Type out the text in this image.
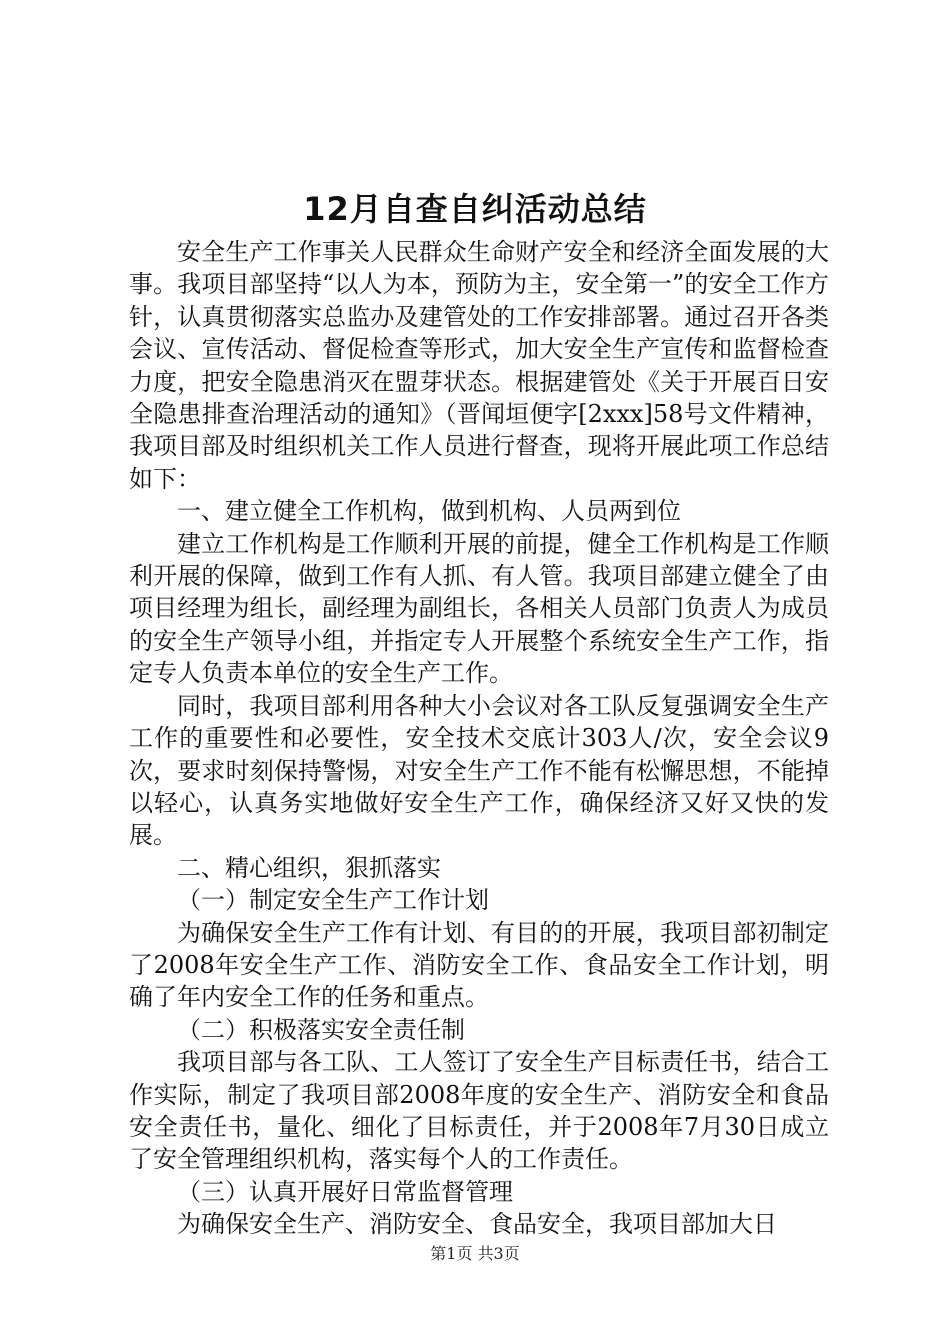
12月自查自纠活动总结

安全生产工作事关人民群众生命财产安全和经济全面发展的大事。我项目部坚持“以人为本，预防为主，安全第一”的安全工作方针，认真贯彻落实总监办及建管处的工作安排部署。通过召开各类会议、宣传活动、督促检查等形式，加大安全生产宣传和监督检查力度，把安全隐患消灭在盟芽状态。根据建管处《关于开展百日安全隐患排查治理活动的通知》（晋闻垣便字[2xxx]58号文件精神，我项目部及时组织机关工作人员进行督查，现将开展此项工作总结如下：

一、建立健全工作机构，做到机构、人员两到位

建立工作机构是工作顺利开展的前提，健全工作机构是工作顺利开展的保障，做到工作有人抓、有人管。我项目部建立健全了由项目经理为组长，副经理为副组长，各相关人员部门负责人为成员的安全生产领导小组，并指定专人开展整个系统安全生产工作，指定专人负责本单位的安全生产工作。

同时，我项目部利用各种大小会议对各工队反复强调安全生产工作的重要性和必要性，安全技术交底计303人/次，安全会议9次，要求时刻保持警惕，对安全生产工作不能有松懈思想，不能掉以轻心，认真务实地做好安全生产工作，确保经济又好又快的发展。

二、精心组织，狠抓落实

（一）制定安全生产工作计划

为确保安全生产工作有计划、有目的的开展，我项目部初制定了2008年安全生产工作、消防安全工作、食品安全工作计划，明确了年内安全工作的任务和重点。

（二）积极落实安全责任制

我项目部与各工队、工人签订了安全生产目标责任书，结合工作实际，制定了我项目部2008年度的安全生产、消防安全和食品安全责任书，量化、细化了目标责任，并于2008年7月30日成立了安全管理组织机构，落实每个人的工作责任。

（三）认真开展好日常监督管理

为确保安全生产、消防安全、食品安全，我项目部加大日

第1页 共3页
